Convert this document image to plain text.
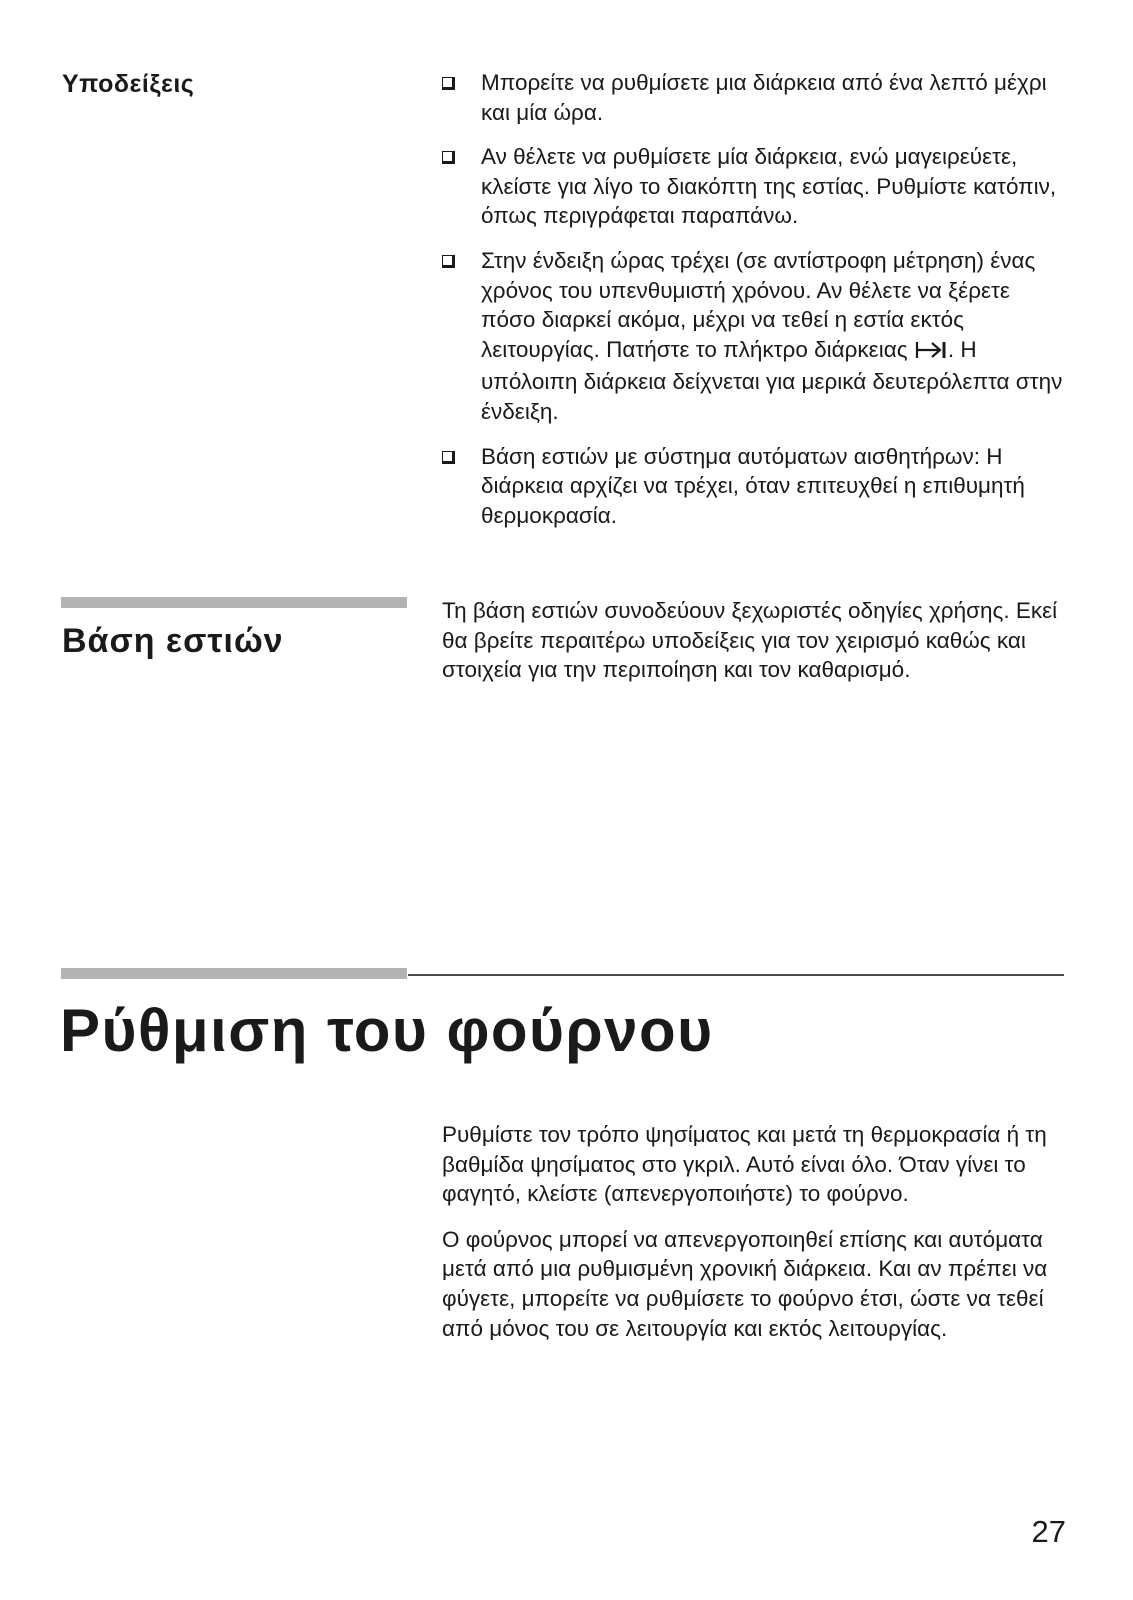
Υποδείξεις	Μπορείτε να ρυθμίσετε μια διάρκεια από ένα λεπτό μέχρι και μία ώρα.
Αν θέλετε να ρυθμίσετε μία διάρκεια, ενώ μαγειρεύετε, κλείστε για λίγο το διακόπτη της εστίας. Ρυθμίστε κατόπιν, όπως περιγράφεται παραπάνω.
Στην ένδειξη ώρας τρέχει (σε αντίστροφη μέτρηση) ένας χρόνος του υπενθυμιστή χρόνου. Αν θέλετε να ξέρετε πόσο διαρκεί ακόμα, μέχρι να τεθεί η εστία εκτός λειτουργίας. Πατήστε το πλήκτρο διάρκειας . Η υπόλοιπη διάρκεια δείχνεται για μερικά δευτερόλεπτα στην ένδειξη.
Βάση εστιών με σύστημα αυτόματων αισθητήρων: Η διάρκεια αρχίζει να τρέχει, όταν επιτευχθεί η επιθυμητή θερμοκρασία.
Βάση εστιών

Τη βάση εστιών συνοδεύουν ξεχωριστές οδηγίες χρήσης. Εκεί θα βρείτε περαιτέρω υποδείξεις για τον χειρισμό καθώς και στοιχεία για την περιποίηση και τον καθαρισμό.

Ρύθμιση του φούρνου

Ρυθμίστε τον τρόπο ψησίματος και μετά τη θερμοκρασία ή τη βαθμίδα ψησίματος στο γκριλ. Αυτό είναι όλο. Όταν γίνει το φαγητό, κλείστε (απενεργοποιήστε) το φούρνο.

Ο φούρνος μπορεί να απενεργοποιηθεί επίσης και αυτόματα μετά από μια ρυθμισμένη χρονική διάρκεια. Και αν πρέπει να φύγετε, μπορείτε να ρυθμίσετε το φούρνο έτσι, ώστε να τεθεί από μόνος του σε λειτουργία και εκτός λειτουργίας.

27
